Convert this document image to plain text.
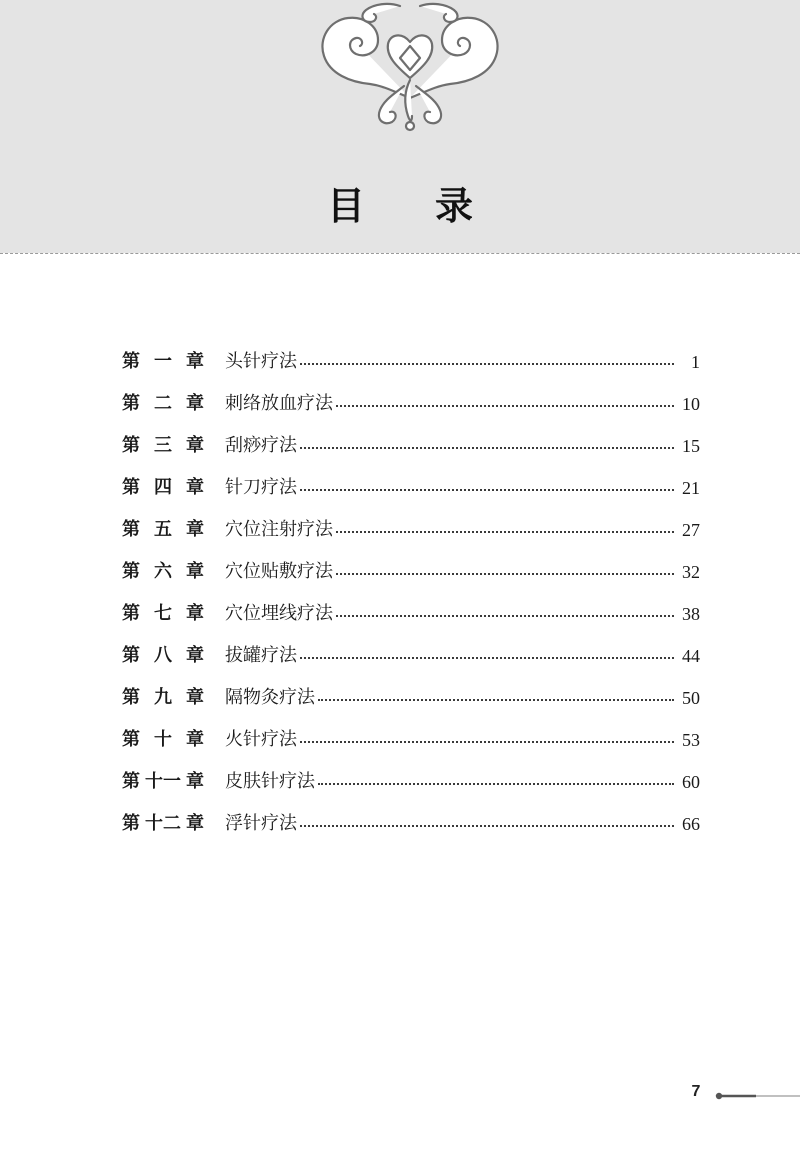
目 录
第 一 章 头针疗法	1
第 二 章 刺络放血疗法	10
第 三 章 刮痧疗法	15
第 四 章 针刀疗法	21
第 五 章 穴位注射疗法	27
第 六 章 穴位贴敷疗法	32
第 七 章 穴位埋线疗法	38
第 八 章 拔罐疗法	44
第 九 章 隔物灸疗法	50
第 十 章 火针疗法	53
第 十一 章 皮肤针疗法	60
第 十二 章 浮针疗法	66
7
